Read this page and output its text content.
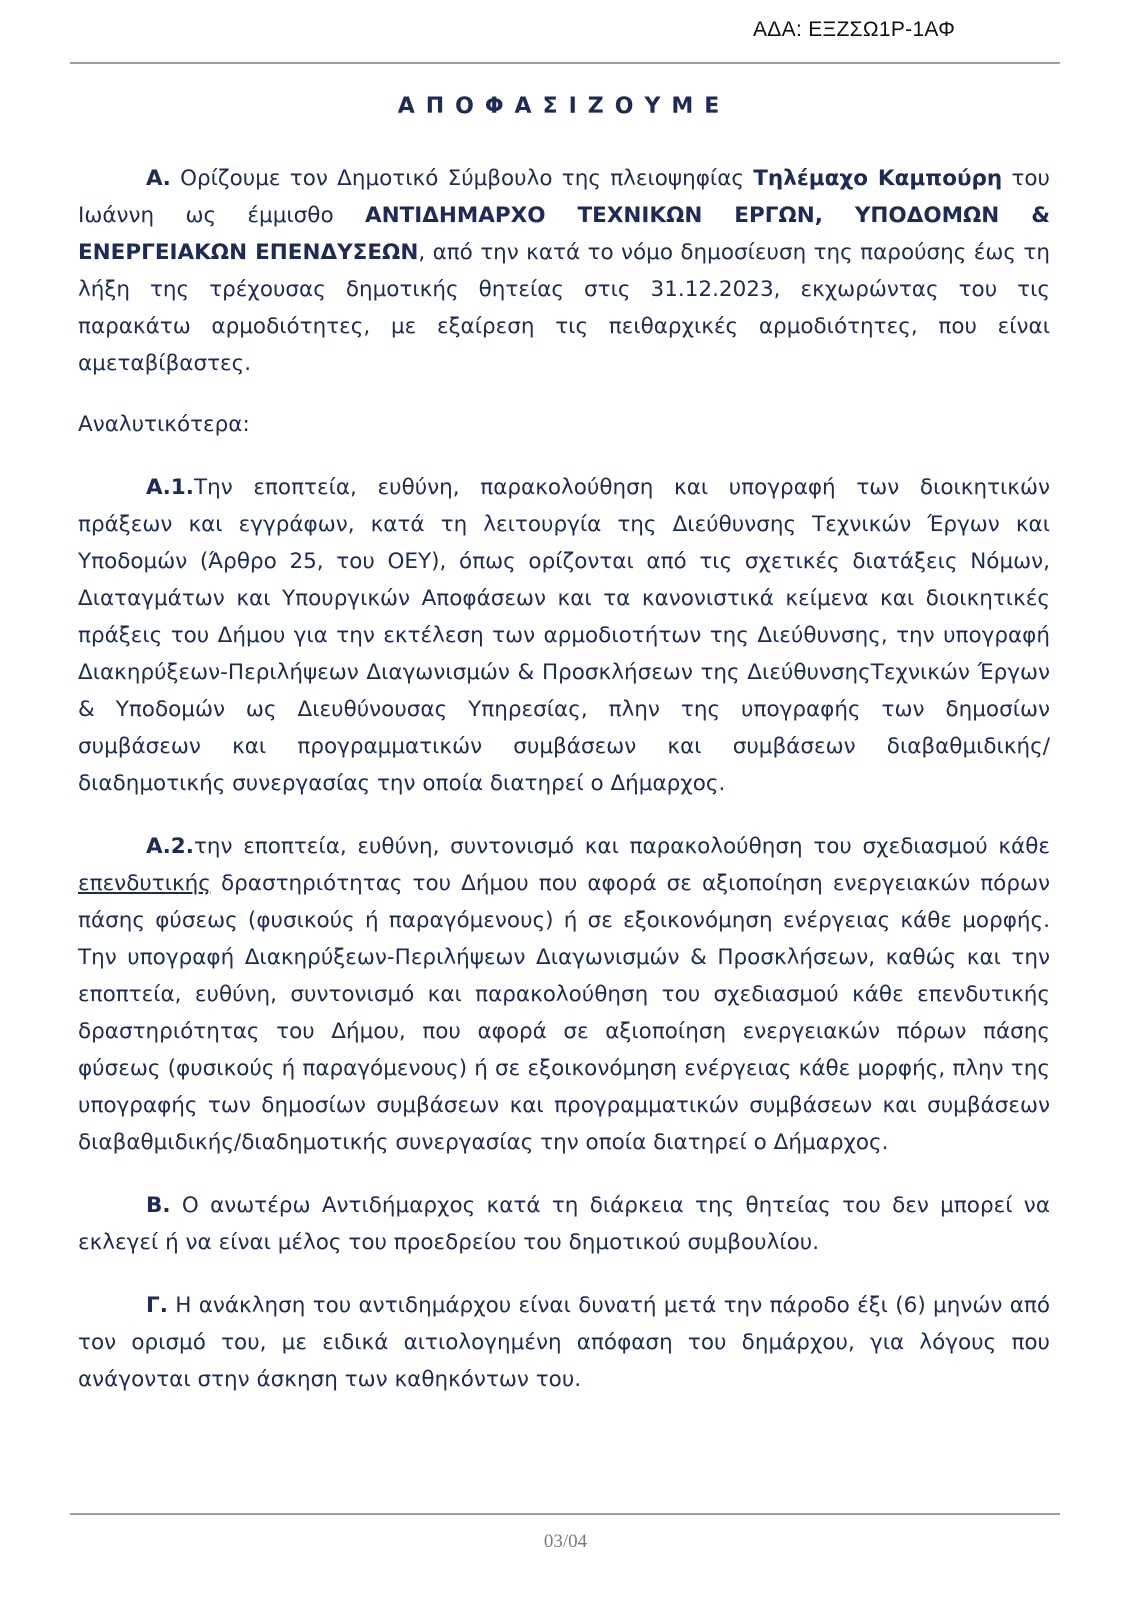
ΑΔΑ: ΕΞΖΣΩ1Ρ-1ΑΦ
ΑΠΟΦΑΣΙΖΟΥΜΕ

Α. Ορίζουμε τον Δημοτικό Σύμβουλο της πλειοψηφίας Τηλέμαχο Καμπούρη του Ιωάννη ως έμμισθο ΑΝΤΙΔΗΜΑΡΧΟ ΤΕΧΝΙΚΩΝ ΕΡΓΩΝ, ΥΠΟΔΟΜΩΝ & ΕΝΕΡΓΕΙΑΚΩΝ ΕΠΕΝΔΥΣΕΩΝ, από την κατά το νόμο δημοσίευση της παρούσης έως τη λήξη της τρέχουσας δημοτικής θητείας στις 31.12.2023, εκχωρώντας του τις παρακάτω αρμοδιότητες, με εξαίρεση τις πειθαρχικές αρμοδιότητες, που είναι αμεταβίβαστες.

Αναλυτικότερα:

Α.1.Την εποπτεία, ευθύνη, παρακολούθηση και υπογραφή των διοικητικών πράξεων και εγγράφων, κατά τη λειτουργία της Διεύθυνσης Τεχνικών Έργων και Υποδομών (Άρθρο 25, του ΟΕΥ), όπως ορίζονται από τις σχετικές διατάξεις Νόμων, Διαταγμάτων και Υπουργικών Αποφάσεων και τα κανονιστικά κείμενα και διοικητικές πράξεις του Δήμου για την εκτέλεση των αρμοδιοτήτων της Διεύθυνσης, την υπογραφή Διακηρύξεων-Περιλήψεων Διαγωνισμών & Προσκλήσεων της ΔιεύθυνσηςΤεχνικών Έργων & Υποδομών ως Διευθύνουσας Υπηρεσίας, πλην της υπογραφής των δημοσίων συμβάσεων και προγραμματικών συμβάσεων και συμβάσεων διαβαθμιδικής/διαδημοτικής συνεργασίας την οποία διατηρεί ο Δήμαρχος.

Α.2.την εποπτεία, ευθύνη, συντονισμό και παρακολούθηση του σχεδιασμού κάθε επενδυτικής δραστηριότητας του Δήμου που αφορά σε αξιοποίηση ενεργειακών πόρων πάσης φύσεως (φυσικούς ή παραγόμενους) ή σε εξοικονόμηση ενέργειας κάθε μορφής. Την υπογραφή Διακηρύξεων-Περιλήψεων Διαγωνισμών & Προσκλήσεων, καθώς και την εποπτεία, ευθύνη, συντονισμό και παρακολούθηση του σχεδιασμού κάθε επενδυτικής δραστηριότητας του Δήμου, που αφορά σε αξιοποίηση ενεργειακών πόρων πάσης φύσεως (φυσικούς ή παραγόμενους) ή σε εξοικονόμηση ενέργειας κάθε μορφής, πλην της υπογραφής των δημοσίων συμβάσεων και προγραμματικών συμβάσεων και συμβάσεων διαβαθμιδικής/διαδημοτικής συνεργασίας την οποία διατηρεί ο Δήμαρχος.

Β. Ο ανωτέρω Αντιδήμαρχος κατά τη διάρκεια της θητείας του δεν μπορεί να εκλεγεί ή να είναι μέλος του προεδρείου του δημοτικού συμβουλίου.

Γ. Η ανάκληση του αντιδημάρχου είναι δυνατή μετά την πάροδο έξι (6) μηνών από τον ορισμό του, με ειδικά αιτιολογημένη απόφαση του δημάρχου, για λόγους που ανάγονται στην άσκηση των καθηκόντων του.

03/04
